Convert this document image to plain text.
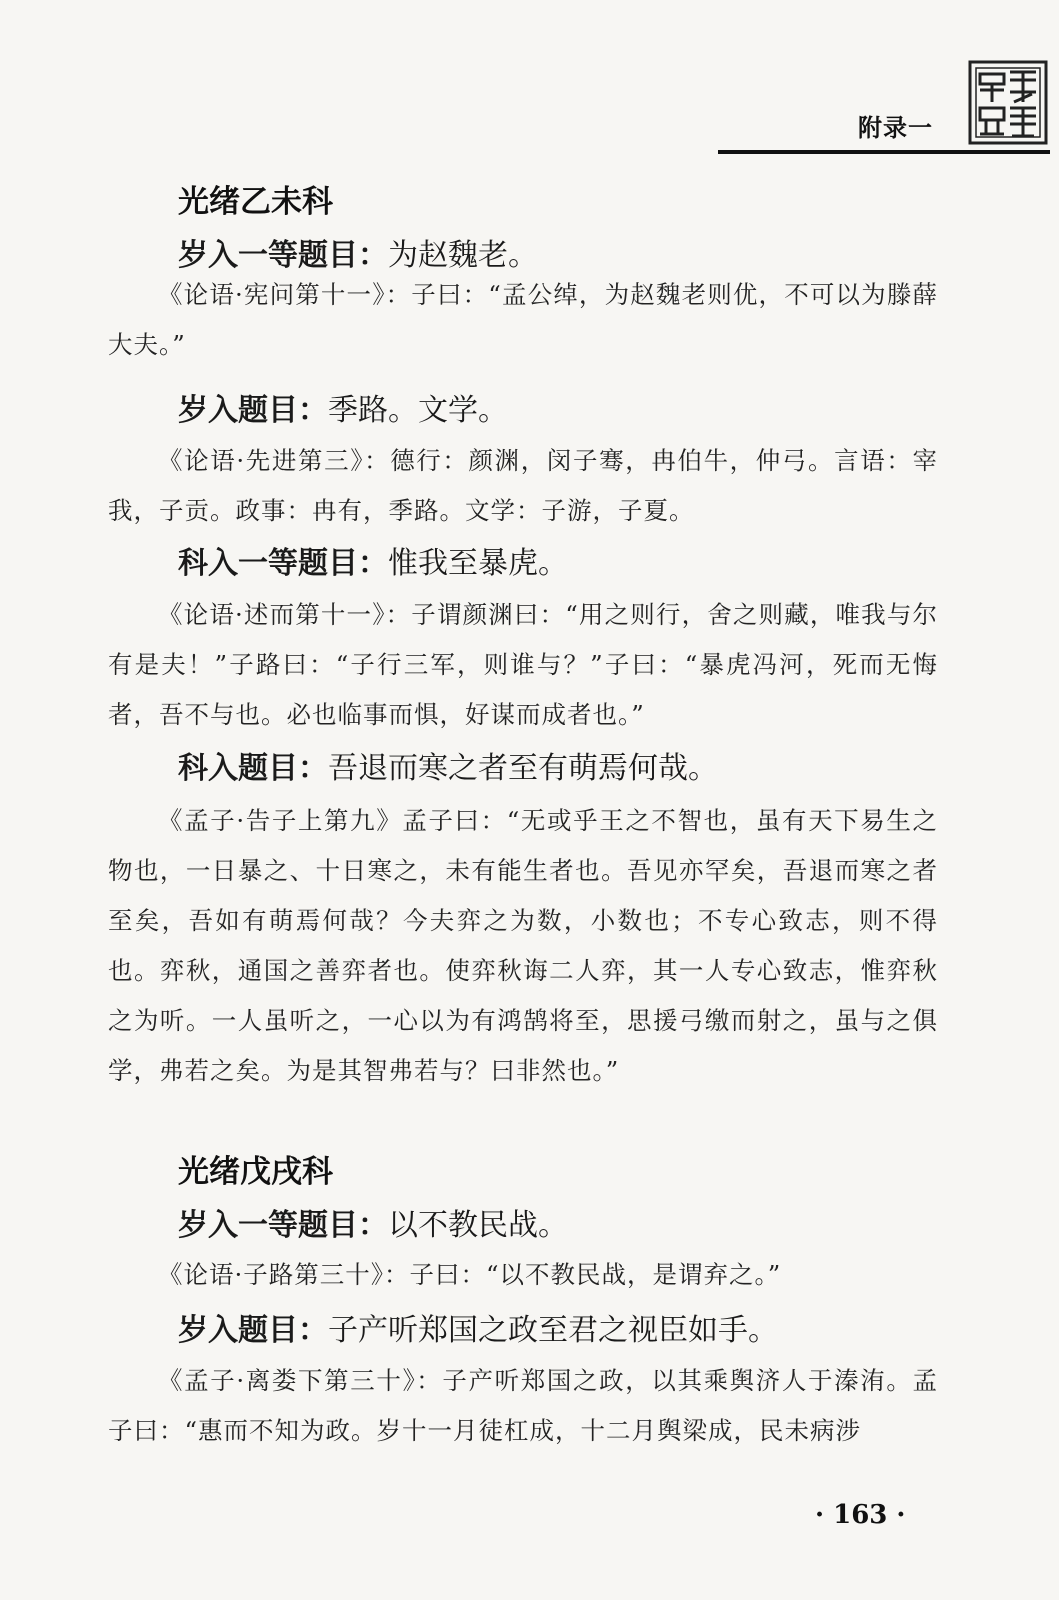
附录一
光绪乙未科
岁入一等题目：为赵魏老。

《论语·宪问第十一》：子曰：“孟公绰，为赵魏老则优，不可以为滕薛大夫。”

岁入题目：季路。文学。

《论语·先进第三》：德行：颜渊，闵子骞，冉伯牛，仲弓。言语：宰我，子贡。政事：冉有，季路。文学：子游，子夏。

科入一等题目：惟我至暴虎。

《论语·述而第十一》：子谓颜渊曰：“用之则行，舍之则藏，唯我与尔有是夫！”子路曰：“子行三军，则谁与？”子曰：“暴虎冯河，死而无悔者，吾不与也。必也临事而惧，好谋而成者也。”

科入题目：吾退而寒之者至有萌焉何哉。

《孟子·告子上第九》孟子曰：“无或乎王之不智也，虽有天下易生之物也，一日暴之、十日寒之，未有能生者也。吾见亦罕矣，吾退而寒之者至矣，吾如有萌焉何哉？今夫弈之为数，小数也；不专心致志，则不得也。弈秋，通国之善弈者也。使弈秋诲二人弈，其一人专心致志，惟弈秋之为听。一人虽听之，一心以为有鸿鹄将至，思援弓缴而射之，虽与之俱学，弗若之矣。为是其智弗若与？曰非然也。”

光绪戊戌科
岁入一等题目：以不教民战。

《论语·子路第三十》：子曰：“以不教民战，是谓弃之。”

岁入题目：子产听郑国之政至君之视臣如手。

《孟子·离娄下第三十》：子产听郑国之政，以其乘舆济人于溱洧。孟子曰：“惠而不知为政。岁十一月徒杠成，十二月舆梁成，民未病涉

· 163 ·
